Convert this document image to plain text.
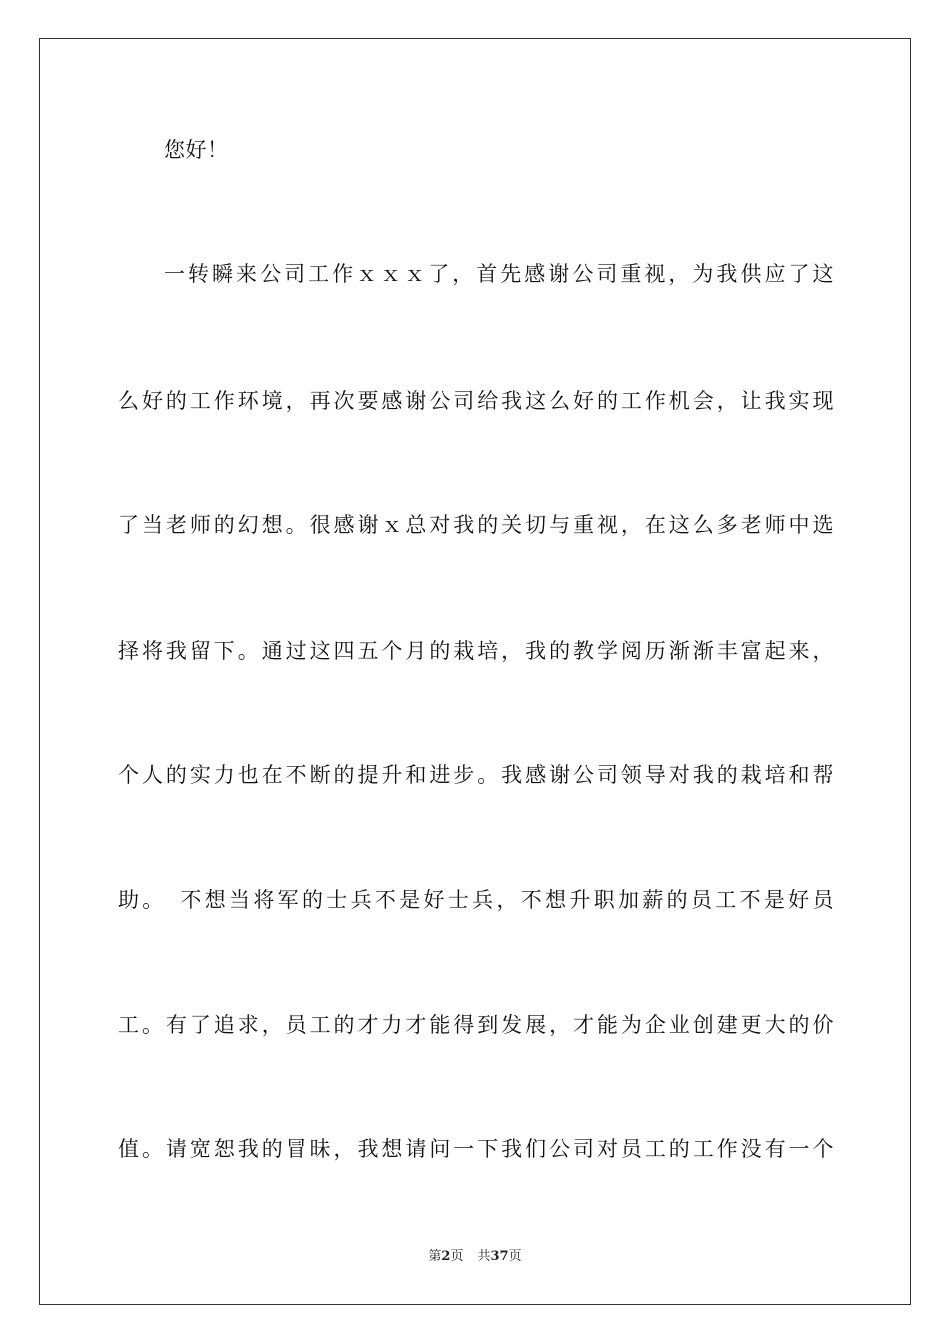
您好！
一转瞬来公司工作ｘｘｘ了，首先感谢公司重视，为我供应了这
么好的工作环境，再次要感谢公司给我这么好的工作机会，让我实现
了当老师的幻想。很感谢ｘ总对我的关切与重视，在这么多老师中选
择将我留下。通过这四五个月的栽培，我的教学阅历渐渐丰富起来，
个人的实力也在不断的提升和进步。我感谢公司领导对我的栽培和帮
助。　不想当将军的士兵不是好士兵，不想升职加薪的员工不是好员
工。有了追求，员工的才力才能得到发展，才能为企业创建更大的价
值。请宽恕我的冒昧，我想请问一下我们公司对员工的工作没有一个
第2页 共37页
